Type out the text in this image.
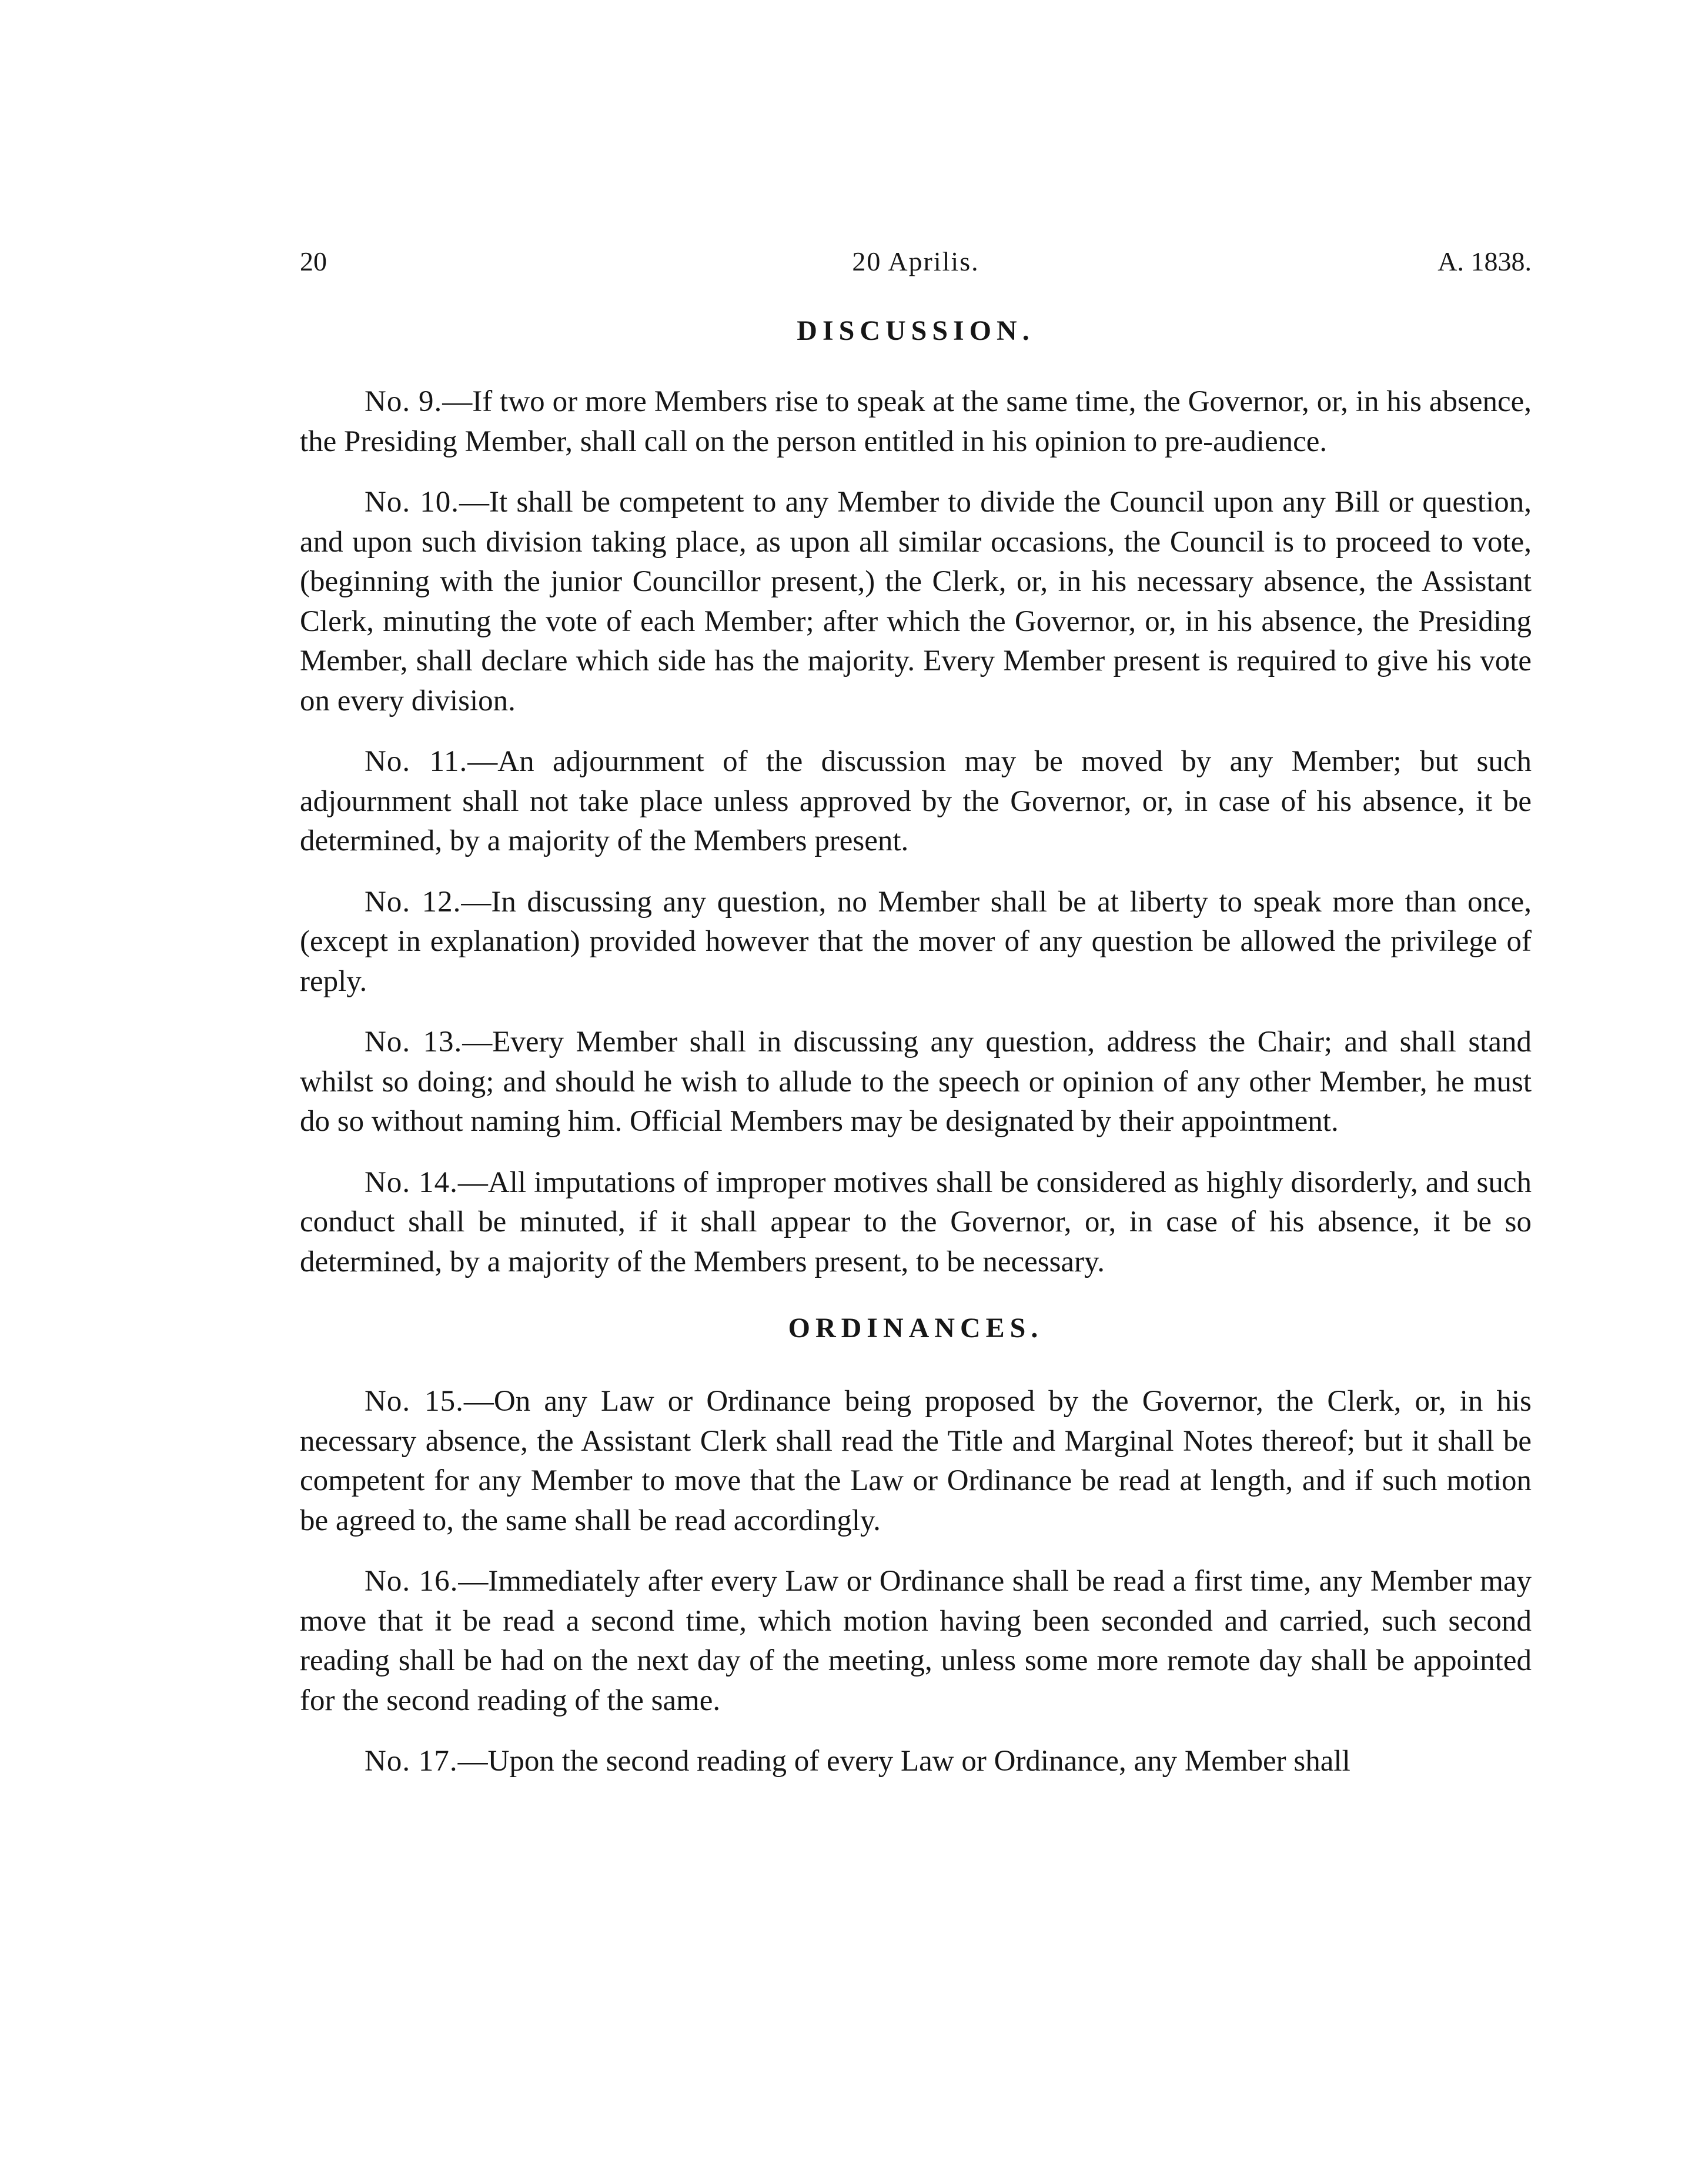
20	20 Aprilis.	A. 1838.
DISCUSSION.

No. 9.—If two or more Members rise to speak at the same time, the Governor, or, in his absence, the Presiding Member, shall call on the person entitled in his opinion to pre-audience.

No. 10.—It shall be competent to any Member to divide the Council upon any Bill or question, and upon such division taking place, as upon all similar occasions, the Council is to proceed to vote, (beginning with the junior Councillor present,) the Clerk, or, in his necessary absence, the Assistant Clerk, minuting the vote of each Member; after which the Governor, or, in his absence, the Presiding Member, shall declare which side has the majority. Every Member present is required to give his vote on every division.

No. 11.—An adjournment of the discussion may be moved by any Member; but such adjournment shall not take place unless approved by the Governor, or, in case of his absence, it be determined, by a majority of the Members present.

No. 12.—In discussing any question, no Member shall be at liberty to speak more than once, (except in explanation) provided however that the mover of any question be allowed the privilege of reply.

No. 13.—Every Member shall in discussing any question, address the Chair; and shall stand whilst so doing; and should he wish to allude to the speech or opinion of any other Member, he must do so without naming him. Official Members may be designated by their appointment.

No. 14.—All imputations of improper motives shall be considered as highly disorderly, and such conduct shall be minuted, if it shall appear to the Governor, or, in case of his absence, it be so determined, by a majority of the Members present, to be necessary.

ORDINANCES.

No. 15.—On any Law or Ordinance being proposed by the Governor, the Clerk, or, in his necessary absence, the Assistant Clerk shall read the Title and Marginal Notes thereof; but it shall be competent for any Member to move that the Law or Ordinance be read at length, and if such motion be agreed to, the same shall be read accordingly.

No. 16.—Immediately after every Law or Ordinance shall be read a first time, any Member may move that it be read a second time, which motion having been seconded and carried, such second reading shall be had on the next day of the meeting, unless some more remote day shall be appointed for the second reading of the same.

No. 17.—Upon the second reading of every Law or Ordinance, any Member shall
